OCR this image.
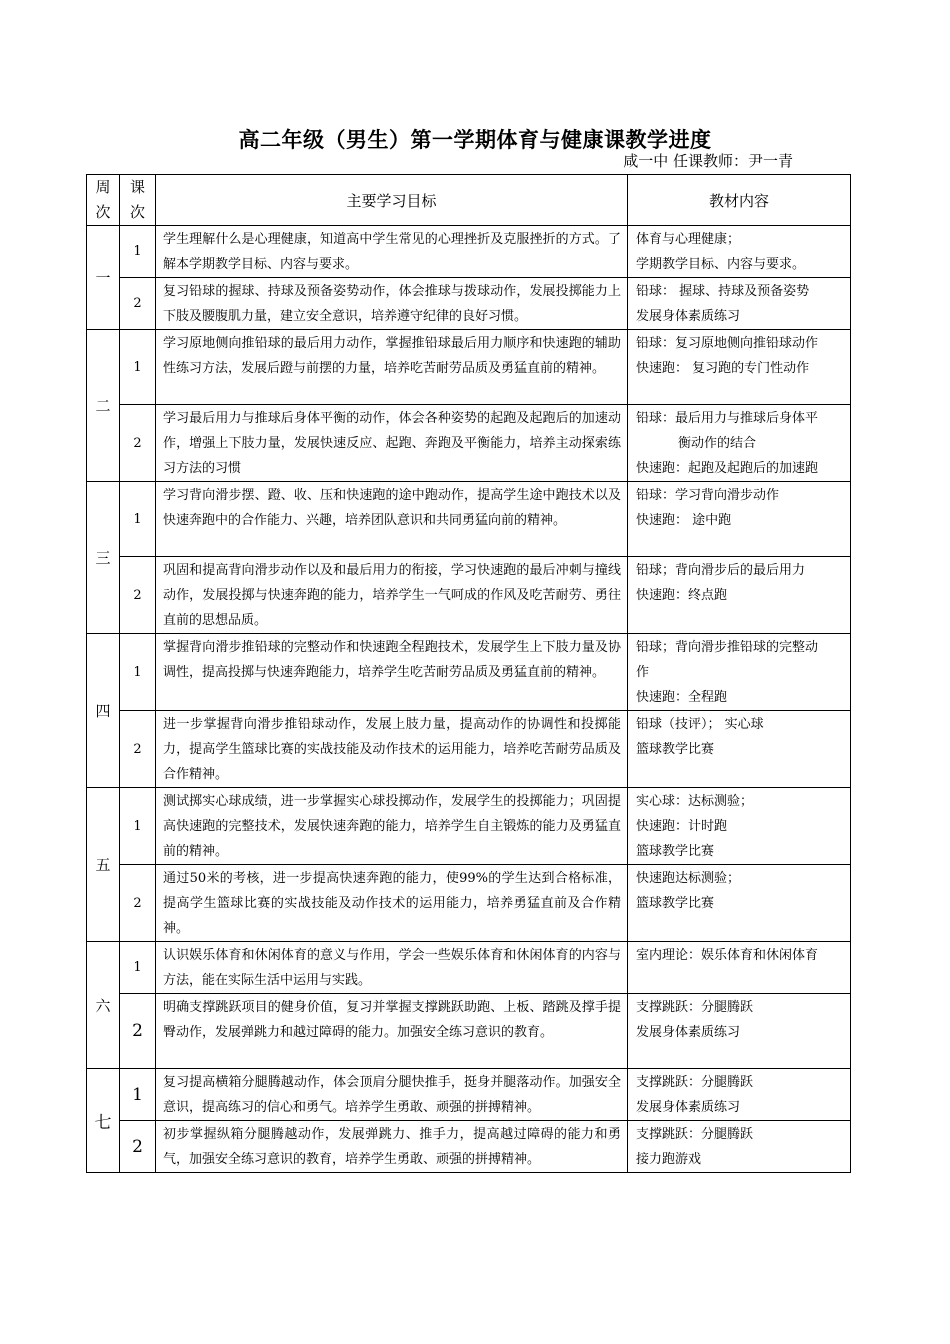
高二年级（男生）第一学期体育与健康课教学进度
咸一中 任课教师：尹一青
周次	课次	主要学习目标	教材内容
一	1	学生理解什么是心理健康，知道高中学生常见的心理挫折及克服挫折的方式。了解本学期教学目标、内容与要求。	体育与心理健康；
学期教学目标、内容与要求。

	2	复习铅球的握球、持球及预备姿势动作，体会推球与拨球动作，发展投掷能力上下肢及腰腹肌力量，建立安全意识，培养遵守纪律的良好习惯。	铅球： 握球、持球及预备姿势
发展身体素质练习

二	1	学习原地侧向推铅球的最后用力动作，掌握推铅球最后用力顺序和快速跑的辅助性练习方法，发展后蹬与前摆的力量，培养吃苦耐劳品质及勇猛直前的精神。	铅球：复习原地侧向推铅球动作
快速跑： 复习跑的专门性动作

	2	学习最后用力与推球后身体平衡的动作，体会各种姿势的起跑及起跑后的加速动作，增强上下肢力量，发展快速反应、起跑、奔跑及平衡能力，培养主动探索练习方法的习惯	铅球：最后用力与推球后身体平
衡动作的结合
快速跑：起跑及起跑后的加速跑

三	1	学习背向滑步摆、蹬、收、压和快速跑的途中跑动作，提高学生途中跑技术以及快速奔跑中的合作能力、兴趣，培养团队意识和共同勇猛向前的精神。	铅球：学习背向滑步动作
快速跑： 途中跑

	2	巩固和提高背向滑步动作以及和最后用力的衔接，学习快速跑的最后冲刺与撞线动作，发展投掷与快速奔跑的能力，培养学生一气呵成的作风及吃苦耐劳、勇往直前的思想品质。	铅球；背向滑步后的最后用力
快速跑：终点跑

四	1	掌握背向滑步推铅球的完整动作和快速跑全程跑技术，发展学生上下肢力量及协调性，提高投掷与快速奔跑能力，培养学生吃苦耐劳品质及勇猛直前的精神。	铅球；背向滑步推铅球的完整动
作
快速跑：全程跑

	2	进一步掌握背向滑步推铅球动作，发展上肢力量，提高动作的协调性和投掷能力，提高学生篮球比赛的实战技能及动作技术的运用能力，培养吃苦耐劳品质及合作精神。	铅球（技评）； 实心球
篮球教学比赛

五	1	测试掷实心球成绩，进一步掌握实心球投掷动作，发展学生的投掷能力；巩固提高快速跑的完整技术，发展快速奔跑的能力，培养学生自主锻炼的能力及勇猛直前的精神。	实心球：达标测验；
快速跑：计时跑
篮球教学比赛

	2	通过50米的考核，进一步提高快速奔跑的能力，使99%的学生达到合格标准，提高学生篮球比赛的实战技能及动作技术的运用能力，培养勇猛直前及合作精神。	快速跑达标测验；
篮球教学比赛

六	1	认识娱乐体育和休闲体育的意义与作用，学会一些娱乐体育和休闲体育的内容与方法，能在实际生活中运用与实践。	室内理论：娱乐体育和休闲体育

	2	明确支撑跳跃项目的健身价值，复习并掌握支撑跳跃助跑、上板、踏跳及撑手提臀动作，发展弹跳力和越过障碍的能力。加强安全练习意识的教育。	支撑跳跃：分腿腾跃
发展身体素质练习

七	1	复习提高横箱分腿腾越动作，体会顶肩分腿快推手，挺身并腿落动作。加强安全意识，提高练习的信心和勇气。培养学生勇敢、顽强的拼搏精神。	支撑跳跃：分腿腾跃
发展身体素质练习

	2	初步掌握纵箱分腿腾越动作，发展弹跳力、推手力，提高越过障碍的能力和勇气，加强安全练习意识的教育，培养学生勇敢、顽强的拼搏精神。	支撑跳跃：分腿腾跃
接力跑游戏
